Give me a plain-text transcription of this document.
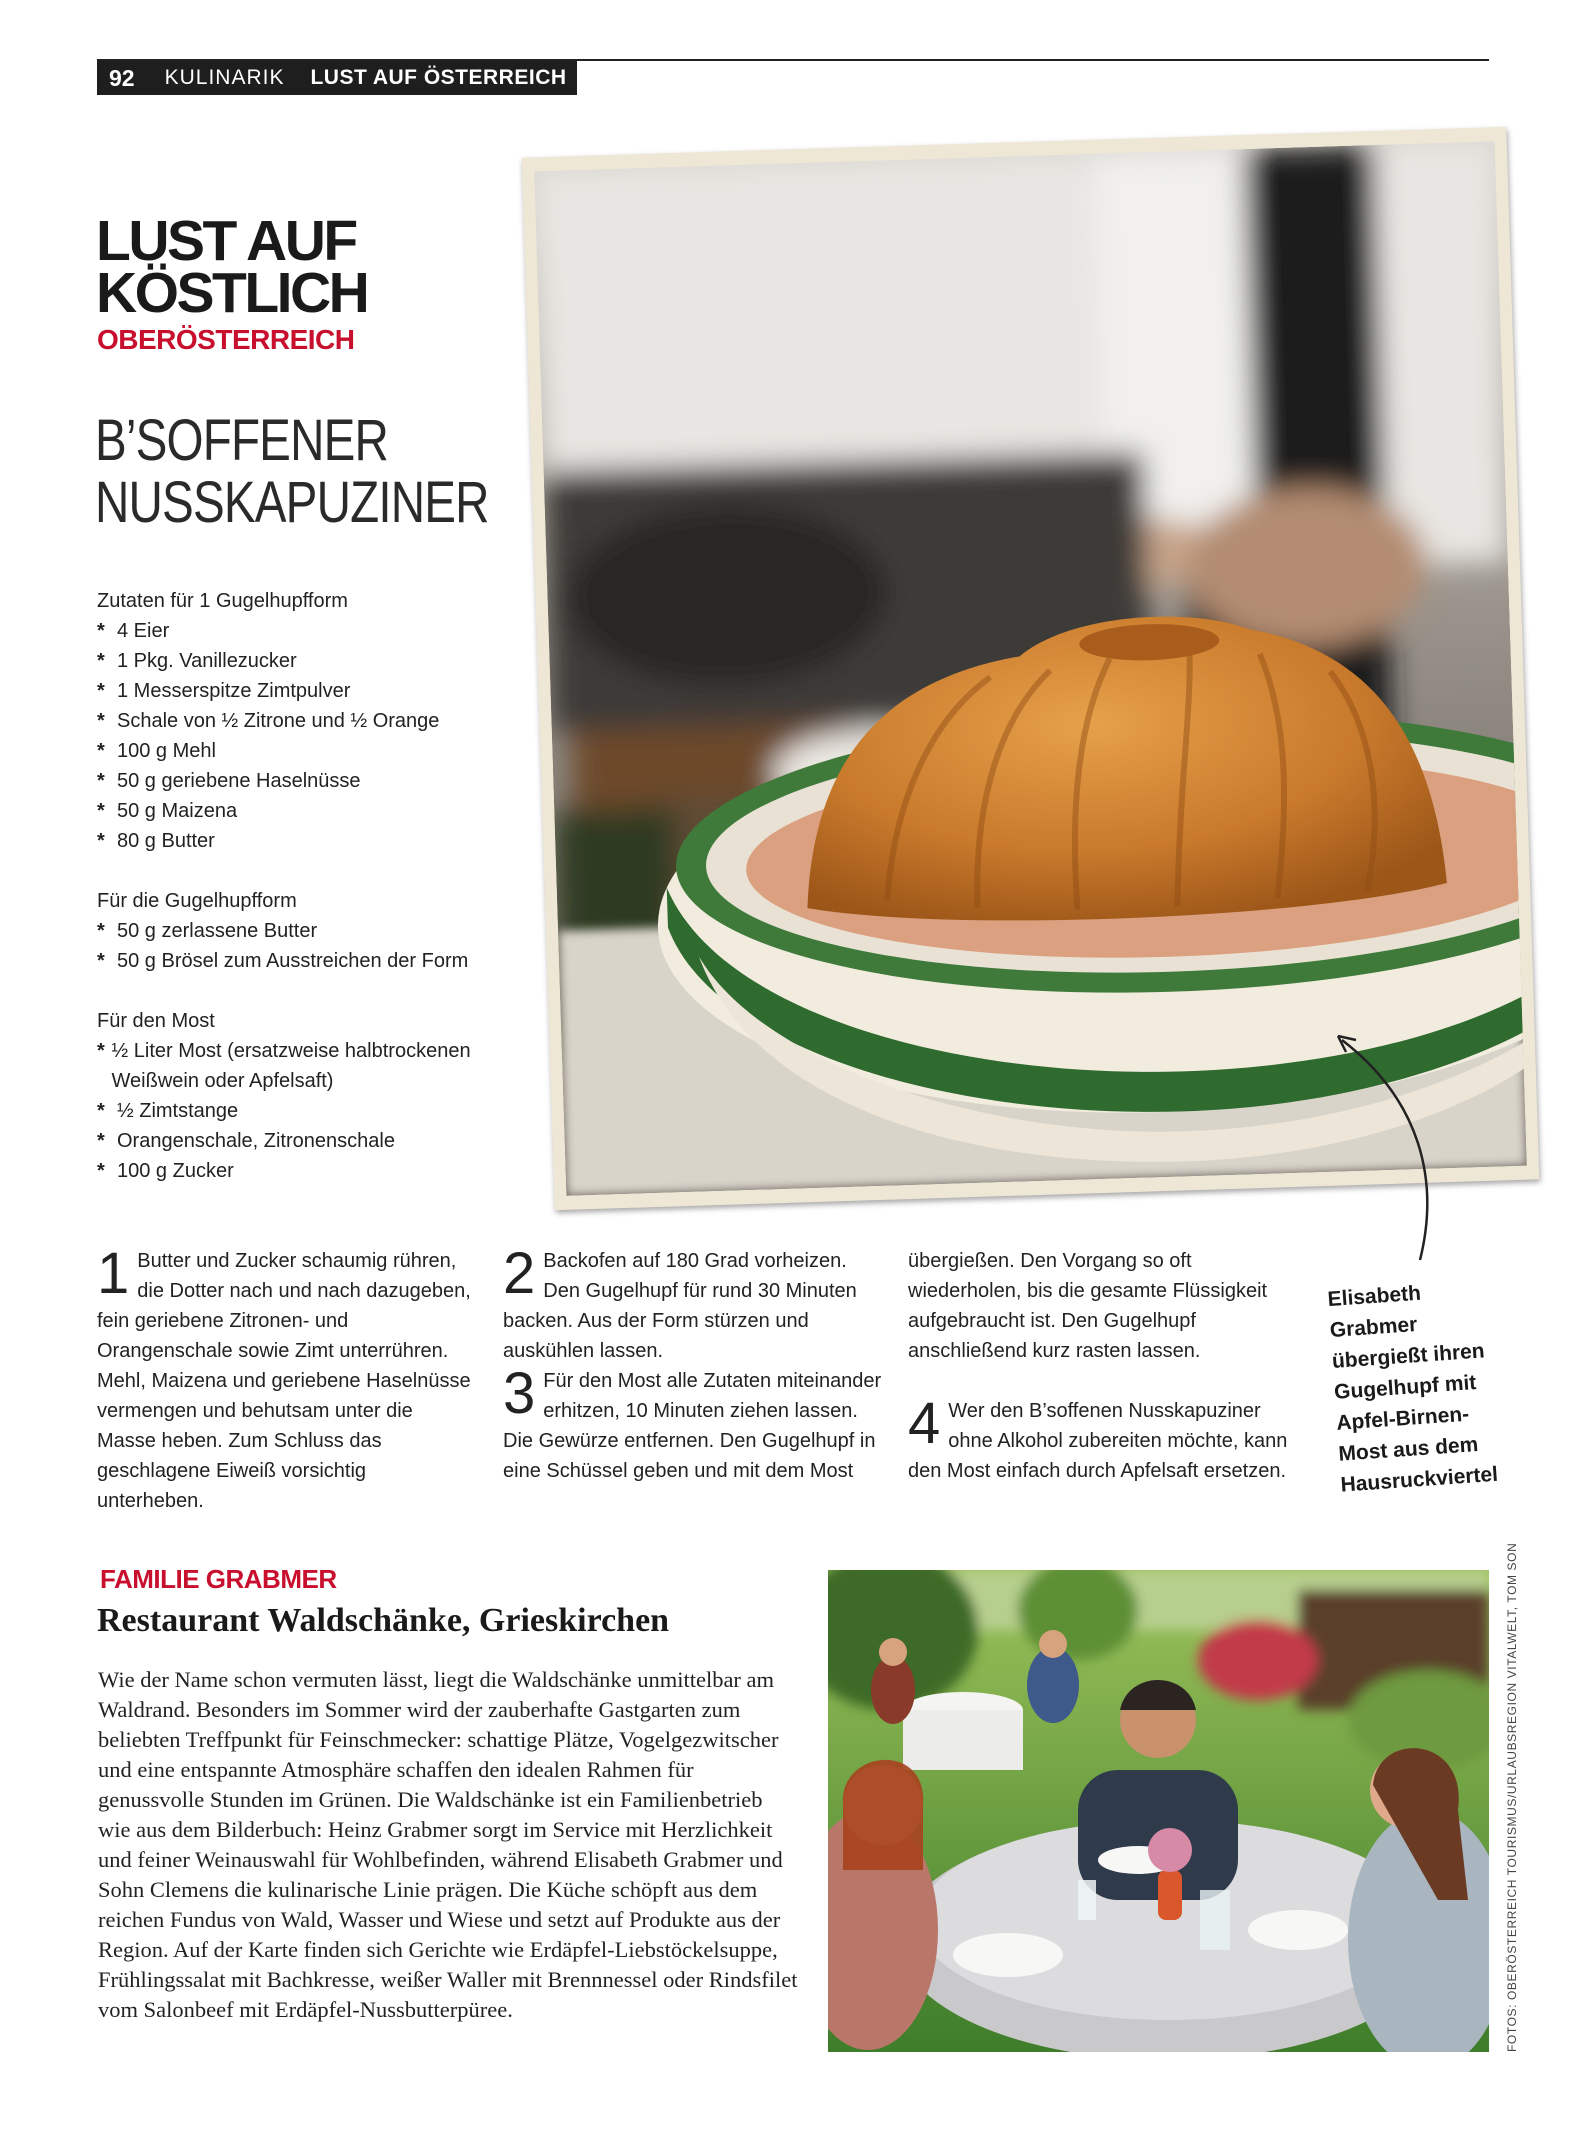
92 KULINARIK LUST AUF ÖSTERREICH
LUST AUF
KÖSTLICH
OBERÖSTERREICH
B’SOFFENER
NUSSKAPUZINER
Zutaten für 1 Gugelhupfform
* 4 Eier
* 1 Pkg. Vanillezucker
* 1 Messerspitze Zimtpulver
* Schale von ½ Zitrone und ½ Orange
* 100 g Mehl
* 50 g geriebene Haselnüsse
* 50 g Maizena
* 80 g Butter
Für die Gugelhupfform
* 50 g zerlassene Butter
* 50 g Brösel zum Ausstreichen der Form
Für den Most
* ½ Liter Most (ersatzweise halbtrockenen Weißwein oder Apfelsaft)
* ½ Zimtstange
* Orangenschale, Zitronenschale
* 100 g Zucker
1 Butter und Zucker schaumig rühren, die Dotter nach und nach dazugeben, fein geriebene Zitronen- und Orangenschale sowie Zimt unterrühren. Mehl, Maizena und geriebene Haselnüsse vermengen und behutsam unter die Masse heben. Zum Schluss das geschlagene Eiweiß vorsichtig unterheben.
2 Backofen auf 180 Grad vorheizen. Den Gugelhupf für rund 30 Minuten backen. Aus der Form stürzen und auskühlen lassen.
3 Für den Most alle Zutaten miteinander erhitzen, 10 Minuten ziehen lassen. Die Gewürze entfernen. Den Gugelhupf in eine Schüssel geben und mit dem Most
übergießen. Den Vorgang so oft wiederholen, bis die gesamte Flüssigkeit aufgebraucht ist. Den Gugelhupf anschließend kurz rasten lassen.
4 Wer den B’soffenen Nusskapuziner ohne Alkohol zubereiten möchte, kann den Most einfach durch Apfelsaft ersetzen.
Elisabeth Grabmer übergießt ihren Gugelhupf mit Apfel-Birnen-Most aus dem Hausruckviertel
FAMILIE GRABMER
Restaurant Waldschänke, Grieskirchen
Wie der Name schon vermuten lässt, liegt die Waldschänke unmittelbar am Waldrand. Besonders im Sommer wird der zauberhafte Gastgarten zum beliebten Treffpunkt für Feinschmecker: schattige Plätze, Vogelgezwitscher und eine entspannte Atmosphäre schaffen den idealen Rahmen für genussvolle Stunden im Grünen. Die Waldschänke ist ein Familienbetrieb wie aus dem Bilderbuch: Heinz Grabmer sorgt im Service mit Herzlichkeit und feiner Weinauswahl für Wohlbefinden, während Elisabeth Grabmer und Sohn Clemens die kulinarische Linie prägen. Die Küche schöpft aus dem reichen Fundus von Wald, Wasser und Wiese und setzt auf Produkte aus der Region. Auf der Karte finden sich Gerichte wie Erdäpfel-Liebstöckelsuppe, Frühlingssalat mit Bachkresse, weißer Waller mit Brennnessel oder Rindsfilet vom Salonbeef mit Erdäpfel-Nussbutterpüree.	FOTOS: OBERÖSTERREICH TOURISMUS/URLAUBSREGION VITALWELT, TOM SON
